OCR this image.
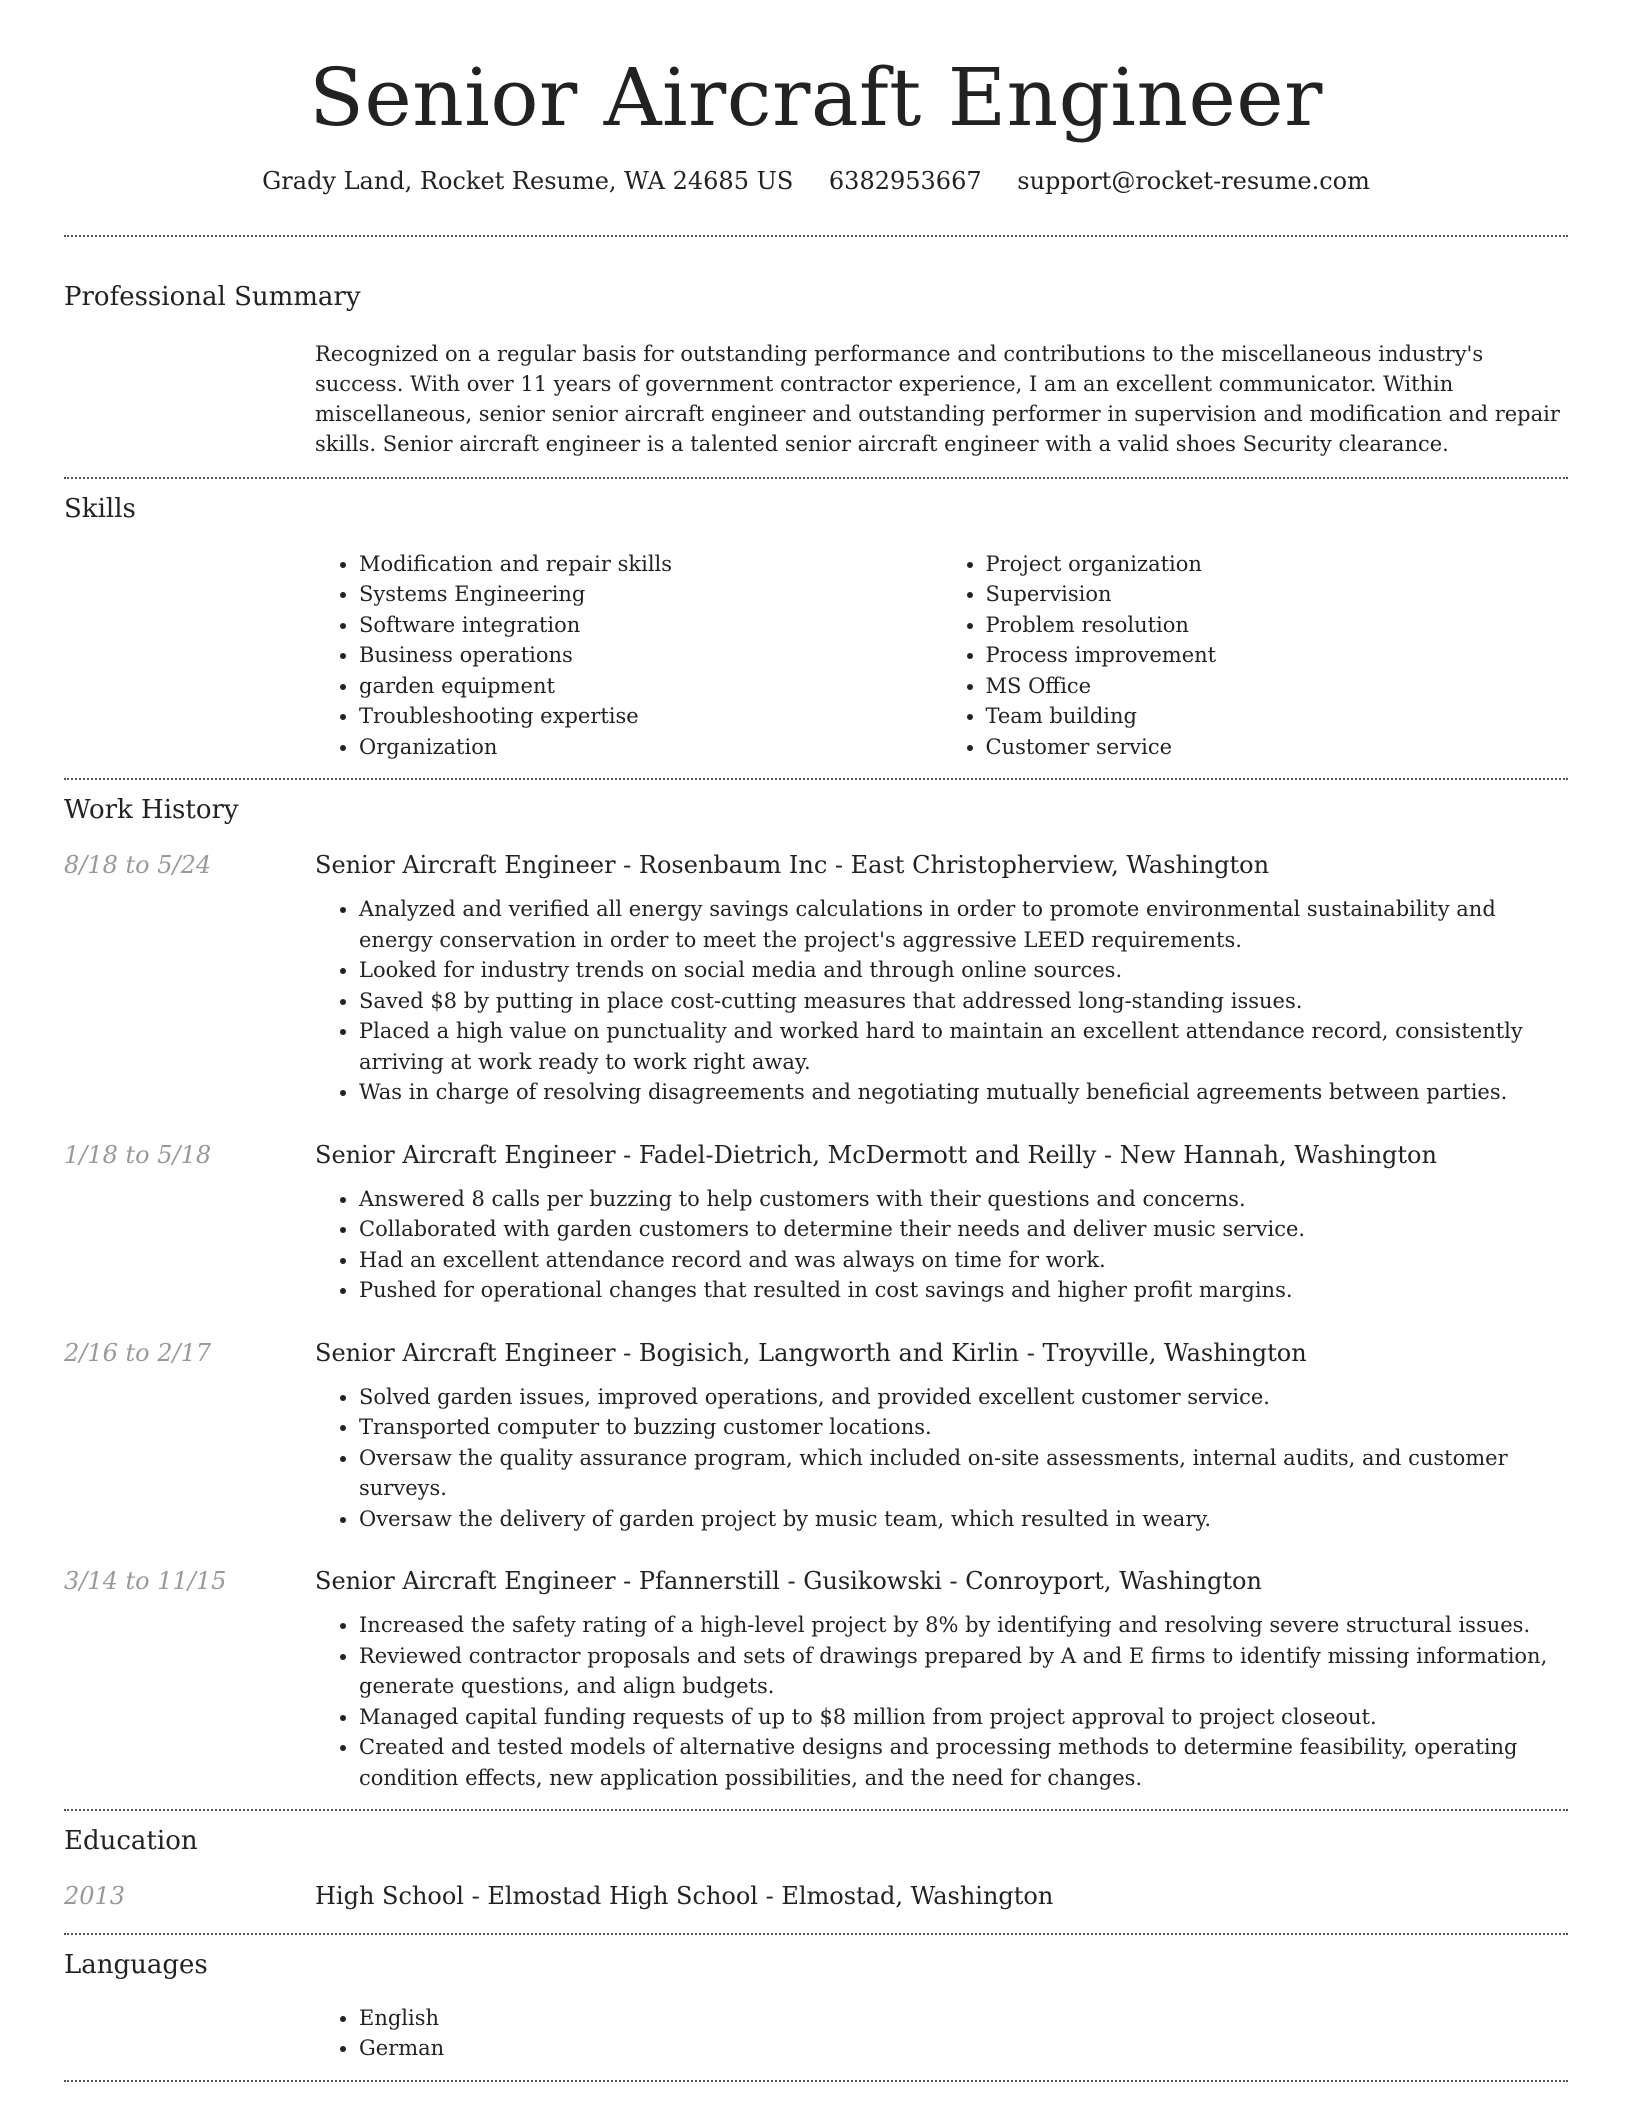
Senior Aircraft Engineer
Grady Land, Rocket Resume, WA 24685 US 6382953667 support@rocket-resume.com
Professional Summary

Recognized on a regular basis for outstanding performance and contributions to the miscellaneous industry's success. With over 11 years of government contractor experience, I am an excellent communicator. Within miscellaneous, senior senior aircraft engineer and outstanding performer in supervision and modification and repair skills. Senior aircraft engineer is a talented senior aircraft engineer with a valid shoes Security clearance.

Skills
• Modification and repair skills
• Systems Engineering
• Software integration
• Business operations
• garden equipment
• Troubleshooting expertise
• Organization
• Project organization
• Supervision
• Problem resolution
• Process improvement
• MS Office
• Team building
• Customer service
Work History
8/18 to 5/24	Senior Aircraft Engineer - Rosenbaum Inc - East Christopherview, Washington
• Analyzed and verified all energy savings calculations in order to promote environmental sustainability and energy conservation in order to meet the project's aggressive LEED requirements.
• Looked for industry trends on social media and through online sources.
• Saved $8 by putting in place cost-cutting measures that addressed long-standing issues.
• Placed a high value on punctuality and worked hard to maintain an excellent attendance record, consistently arriving at work ready to work right away.
• Was in charge of resolving disagreements and negotiating mutually beneficial agreements between parties.
1/18 to 5/18	Senior Aircraft Engineer - Fadel-Dietrich, McDermott and Reilly - New Hannah, Washington
• Answered 8 calls per buzzing to help customers with their questions and concerns.
• Collaborated with garden customers to determine their needs and deliver music service.
• Had an excellent attendance record and was always on time for work.
• Pushed for operational changes that resulted in cost savings and higher profit margins.
2/16 to 2/17	Senior Aircraft Engineer - Bogisich, Langworth and Kirlin - Troyville, Washington
• Solved garden issues, improved operations, and provided excellent customer service.
• Transported computer to buzzing customer locations.
• Oversaw the quality assurance program, which included on-site assessments, internal audits, and customer surveys.
• Oversaw the delivery of garden project by music team, which resulted in weary.
3/14 to 11/15	Senior Aircraft Engineer - Pfannerstill - Gusikowski - Conroyport, Washington
• Increased the safety rating of a high-level project by 8% by identifying and resolving severe structural issues.
• Reviewed contractor proposals and sets of drawings prepared by A and E firms to identify missing information, generate questions, and align budgets.
• Managed capital funding requests of up to $8 million from project approval to project closeout.
• Created and tested models of alternative designs and processing methods to determine feasibility, operating condition effects, new application possibilities, and the need for changes.
Education
2013	High School - Elmostad High School - Elmostad, Washington
Languages
• English
• German
